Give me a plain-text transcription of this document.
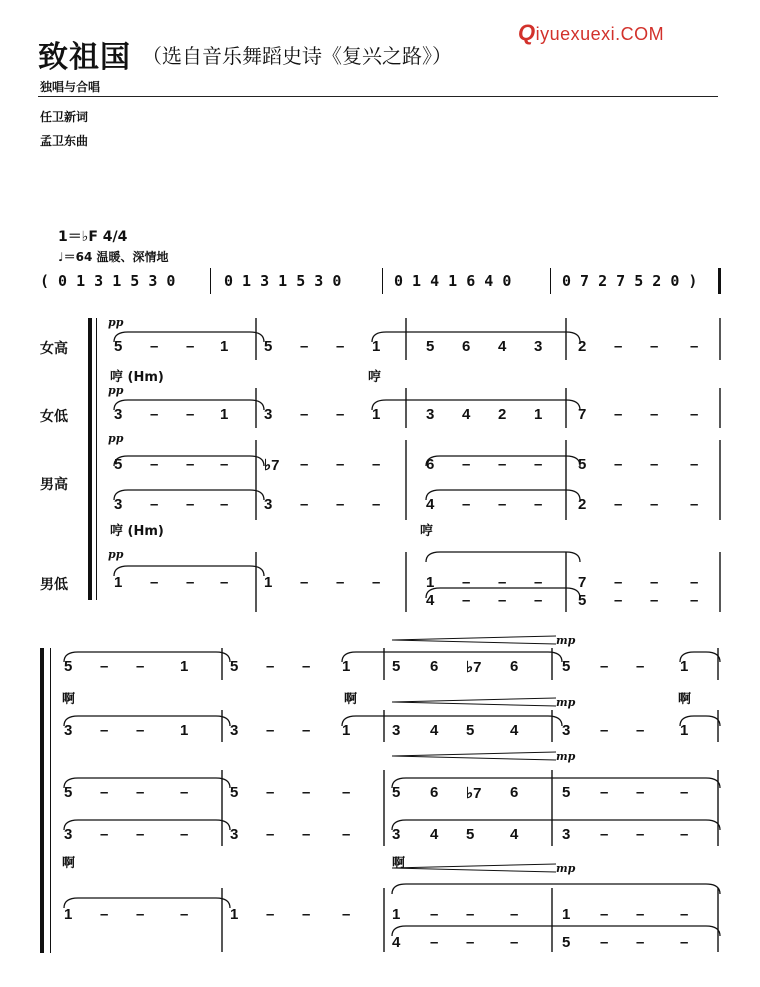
致祖国 （选自音乐舞蹈史诗《复兴之路》）
Qiyuexuexi.COM
独唱与合唱
任卫新词
孟卫东曲
1＝♭F 4/4
♩＝64 温暖、深情地
( 0 1 3 1 5 3 0	0 1 3 1 5 3 0	0 1 4 1 6 4 0	0 7 2 7 5 2 0 )
女高
女低
男高
男低
pp
pp
pp
pp
哼 (Hm)	哼
哼 (Hm)	哼
mp
mp
mp
mp
啊	啊	啊
啊	啊
5 – – 1 5 – – 1	5 6 4 3 2 – – –
3 – – 1 3 – – 1	3 4 2 1 7 – – –
5 – – – ♭7 – – –	6 – – – 5 – – –
3 – – – 3 – – –	4 – – – 2 – – –
1 – – – 1 – – –	1 – – – 7 – – –
4 – – – 5 – – –
5 – – 1	5 – – 1	5 6 ♭7 6	5 – – 1
3 – – 1	3 – – 1	3 4 5 4	3 – – 1
5 – – –	5 – – –	5 6 ♭7 6	5 – – –
3 – – –	3 – – –	3 4 5 4	3 – – –
1 – – –	1 – – –	1 – – –	1 – – –
4 – – –	5 – – –
